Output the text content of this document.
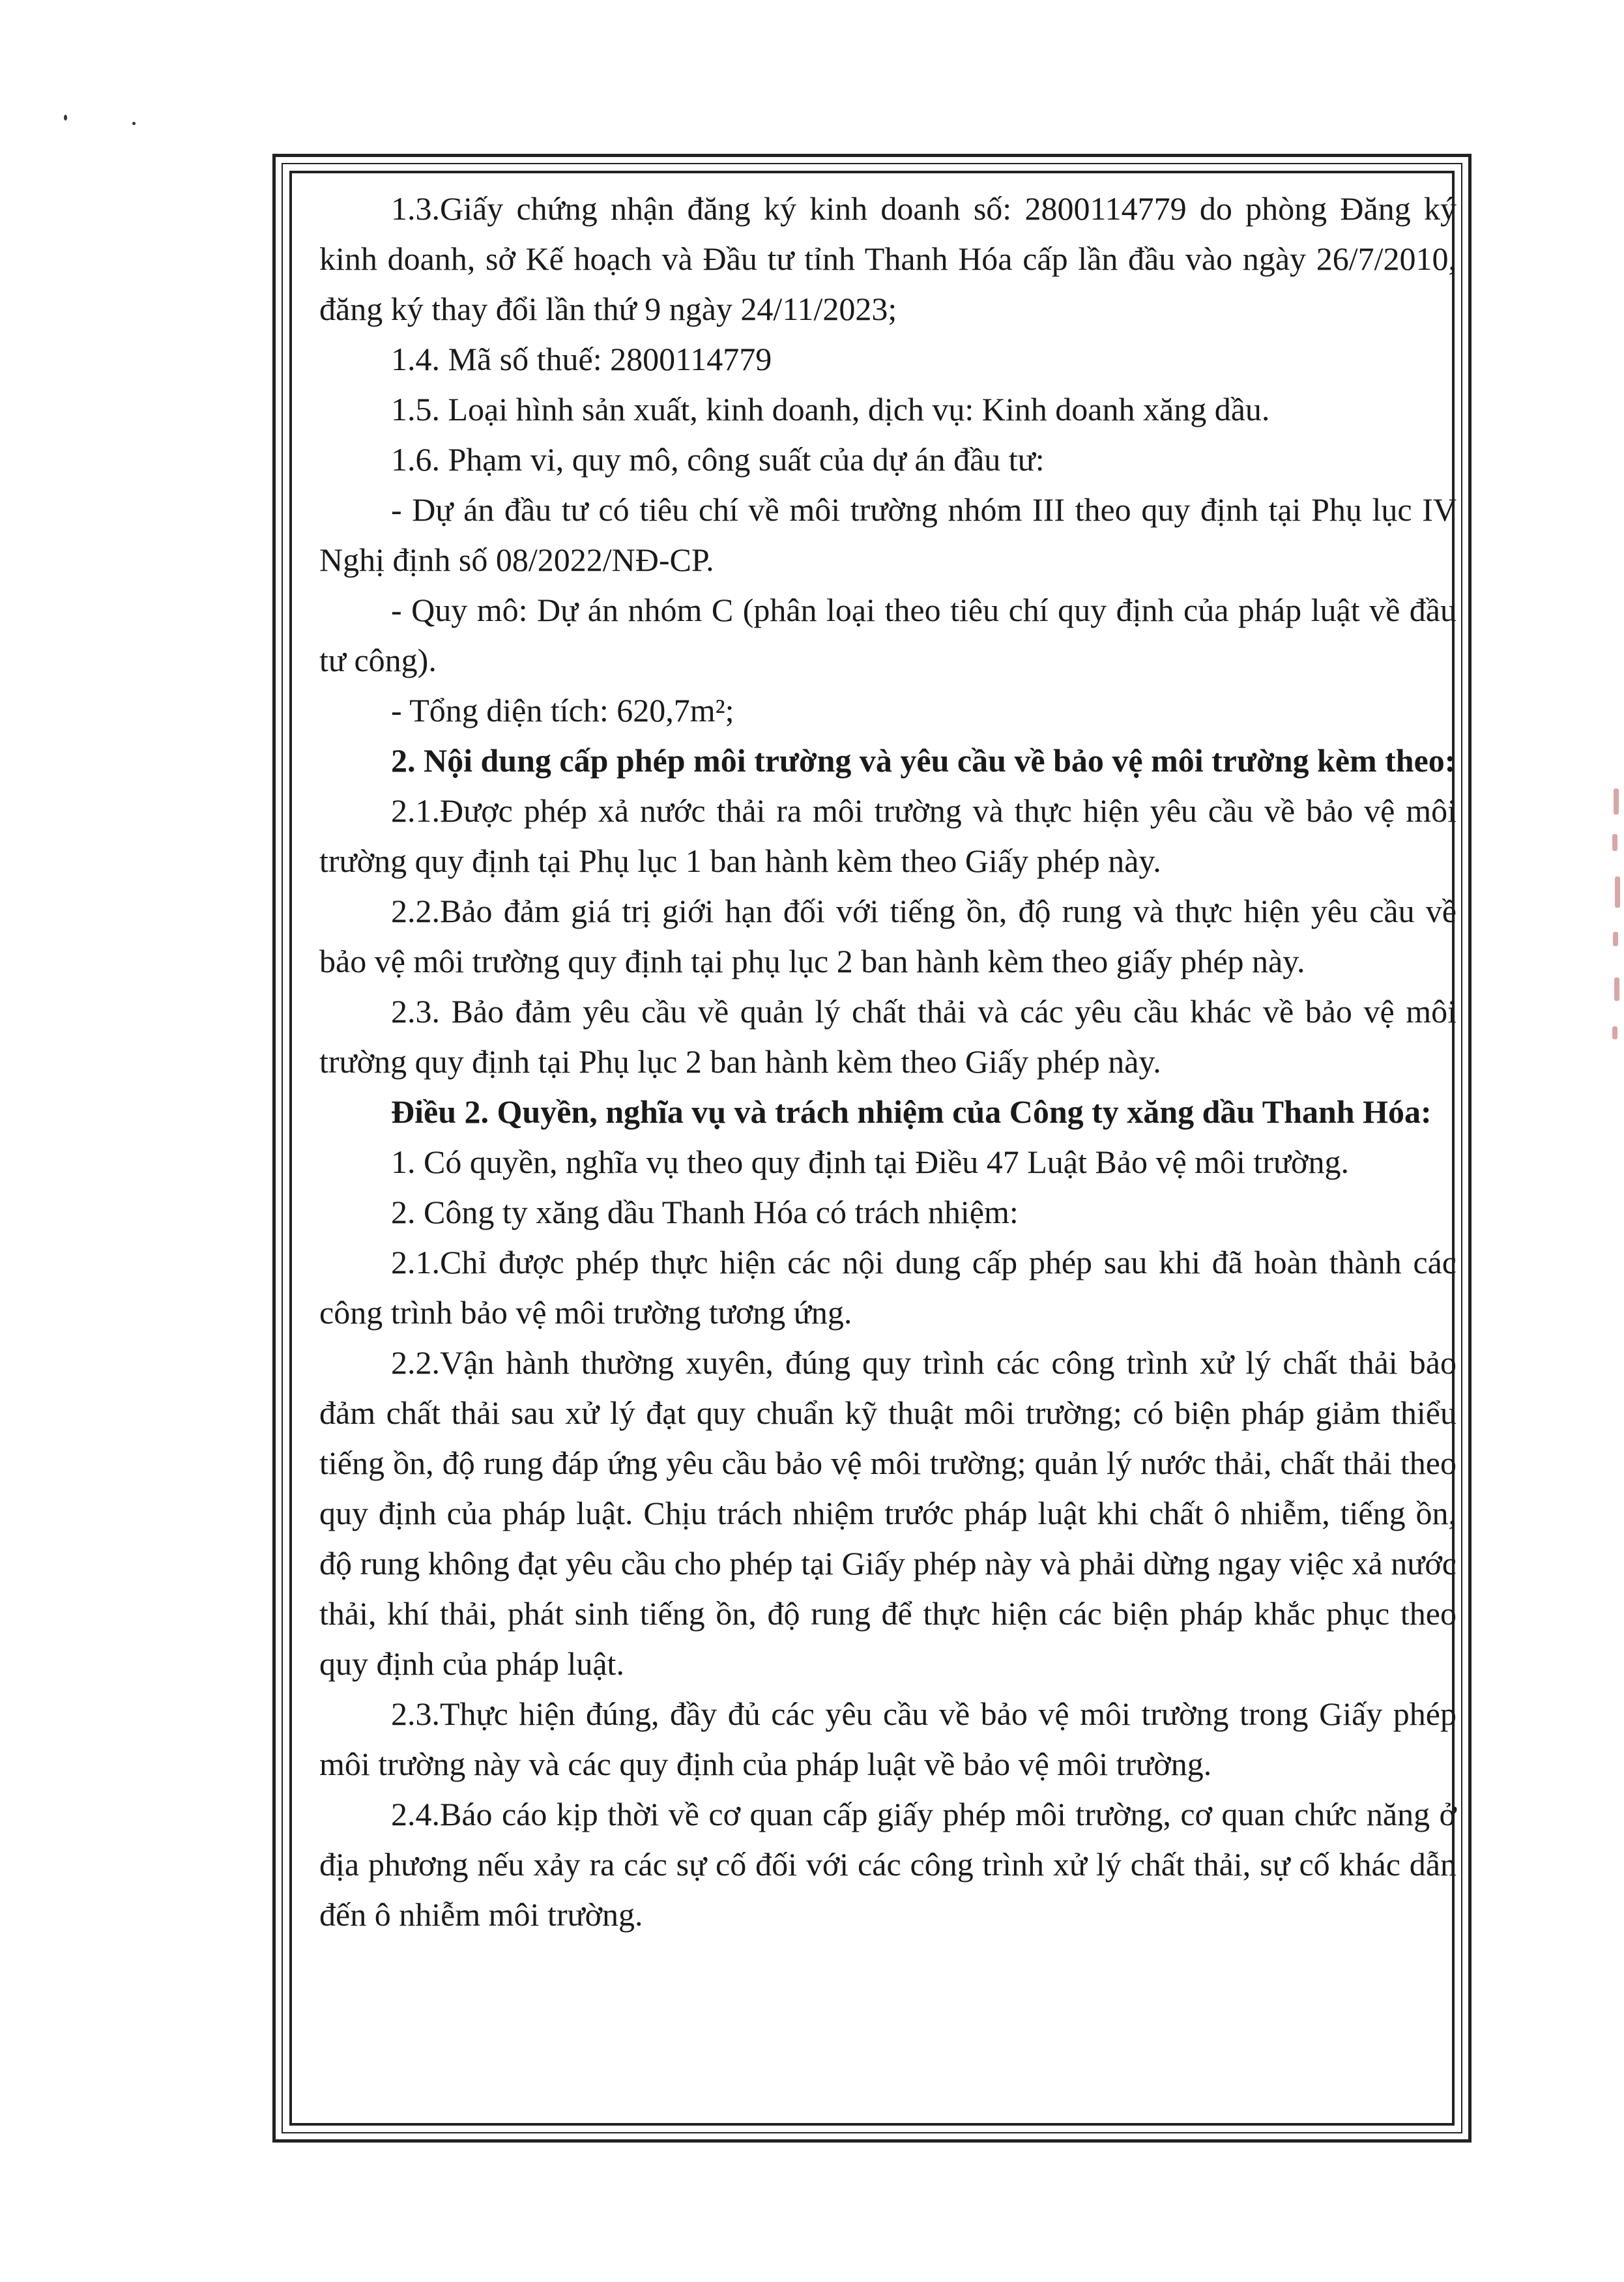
1.3.Giấy chứng nhận đăng ký kinh doanh số: 2800114779 do phòng Đăng ký kinh doanh, sở Kế hoạch và Đầu tư tỉnh Thanh Hóa cấp lần đầu vào ngày 26/7/2010, đăng ký thay đổi lần thứ 9 ngày 24/11/2023;

1.4. Mã số thuế: 2800114779

1.5. Loại hình sản xuất, kinh doanh, dịch vụ: Kinh doanh xăng dầu.

1.6. Phạm vi, quy mô, công suất của dự án đầu tư:

- Dự án đầu tư có tiêu chí về môi trường nhóm III theo quy định tại Phụ lục IV Nghị định số 08/2022/NĐ-CP.

- Quy mô: Dự án nhóm C (phân loại theo tiêu chí quy định của pháp luật về đầu tư công).

- Tổng diện tích: 620,7m²;

2. Nội dung cấp phép môi trường và yêu cầu về bảo vệ môi trường kèm theo:

2.1.Được phép xả nước thải ra môi trường và thực hiện yêu cầu về bảo vệ môi trường quy định tại Phụ lục 1 ban hành kèm theo Giấy phép này.

2.2.Bảo đảm giá trị giới hạn đối với tiếng ồn, độ rung và thực hiện yêu cầu về bảo vệ môi trường quy định tại phụ lục 2 ban hành kèm theo giấy phép này.

2.3. Bảo đảm yêu cầu về quản lý chất thải và các yêu cầu khác về bảo vệ môi trường quy định tại Phụ lục 2 ban hành kèm theo Giấy phép này.

Điều 2. Quyền, nghĩa vụ và trách nhiệm của Công ty xăng dầu Thanh Hóa:

1. Có quyền, nghĩa vụ theo quy định tại Điều 47 Luật Bảo vệ môi trường.

2. Công ty xăng dầu Thanh Hóa có trách nhiệm:

2.1.Chỉ được phép thực hiện các nội dung cấp phép sau khi đã hoàn thành các công trình bảo vệ môi trường tương ứng.

2.2.Vận hành thường xuyên, đúng quy trình các công trình xử lý chất thải bảo đảm chất thải sau xử lý đạt quy chuẩn kỹ thuật môi trường; có biện pháp giảm thiểu tiếng ồn, độ rung đáp ứng yêu cầu bảo vệ môi trường; quản lý nước thải, chất thải theo quy định của pháp luật. Chịu trách nhiệm trước pháp luật khi chất ô nhiễm, tiếng ồn, độ rung không đạt yêu cầu cho phép tại Giấy phép này và phải dừng ngay việc xả nước thải, khí thải, phát sinh tiếng ồn, độ rung để thực hiện các biện pháp khắc phục theo quy định của pháp luật.

2.3.Thực hiện đúng, đầy đủ các yêu cầu về bảo vệ môi trường trong Giấy phép môi trường này và các quy định của pháp luật về bảo vệ môi trường.

2.4.Báo cáo kịp thời về cơ quan cấp giấy phép môi trường, cơ quan chức năng ở địa phương nếu xảy ra các sự cố đối với các công trình xử lý chất thải, sự cố khác dẫn đến ô nhiễm môi trường.
